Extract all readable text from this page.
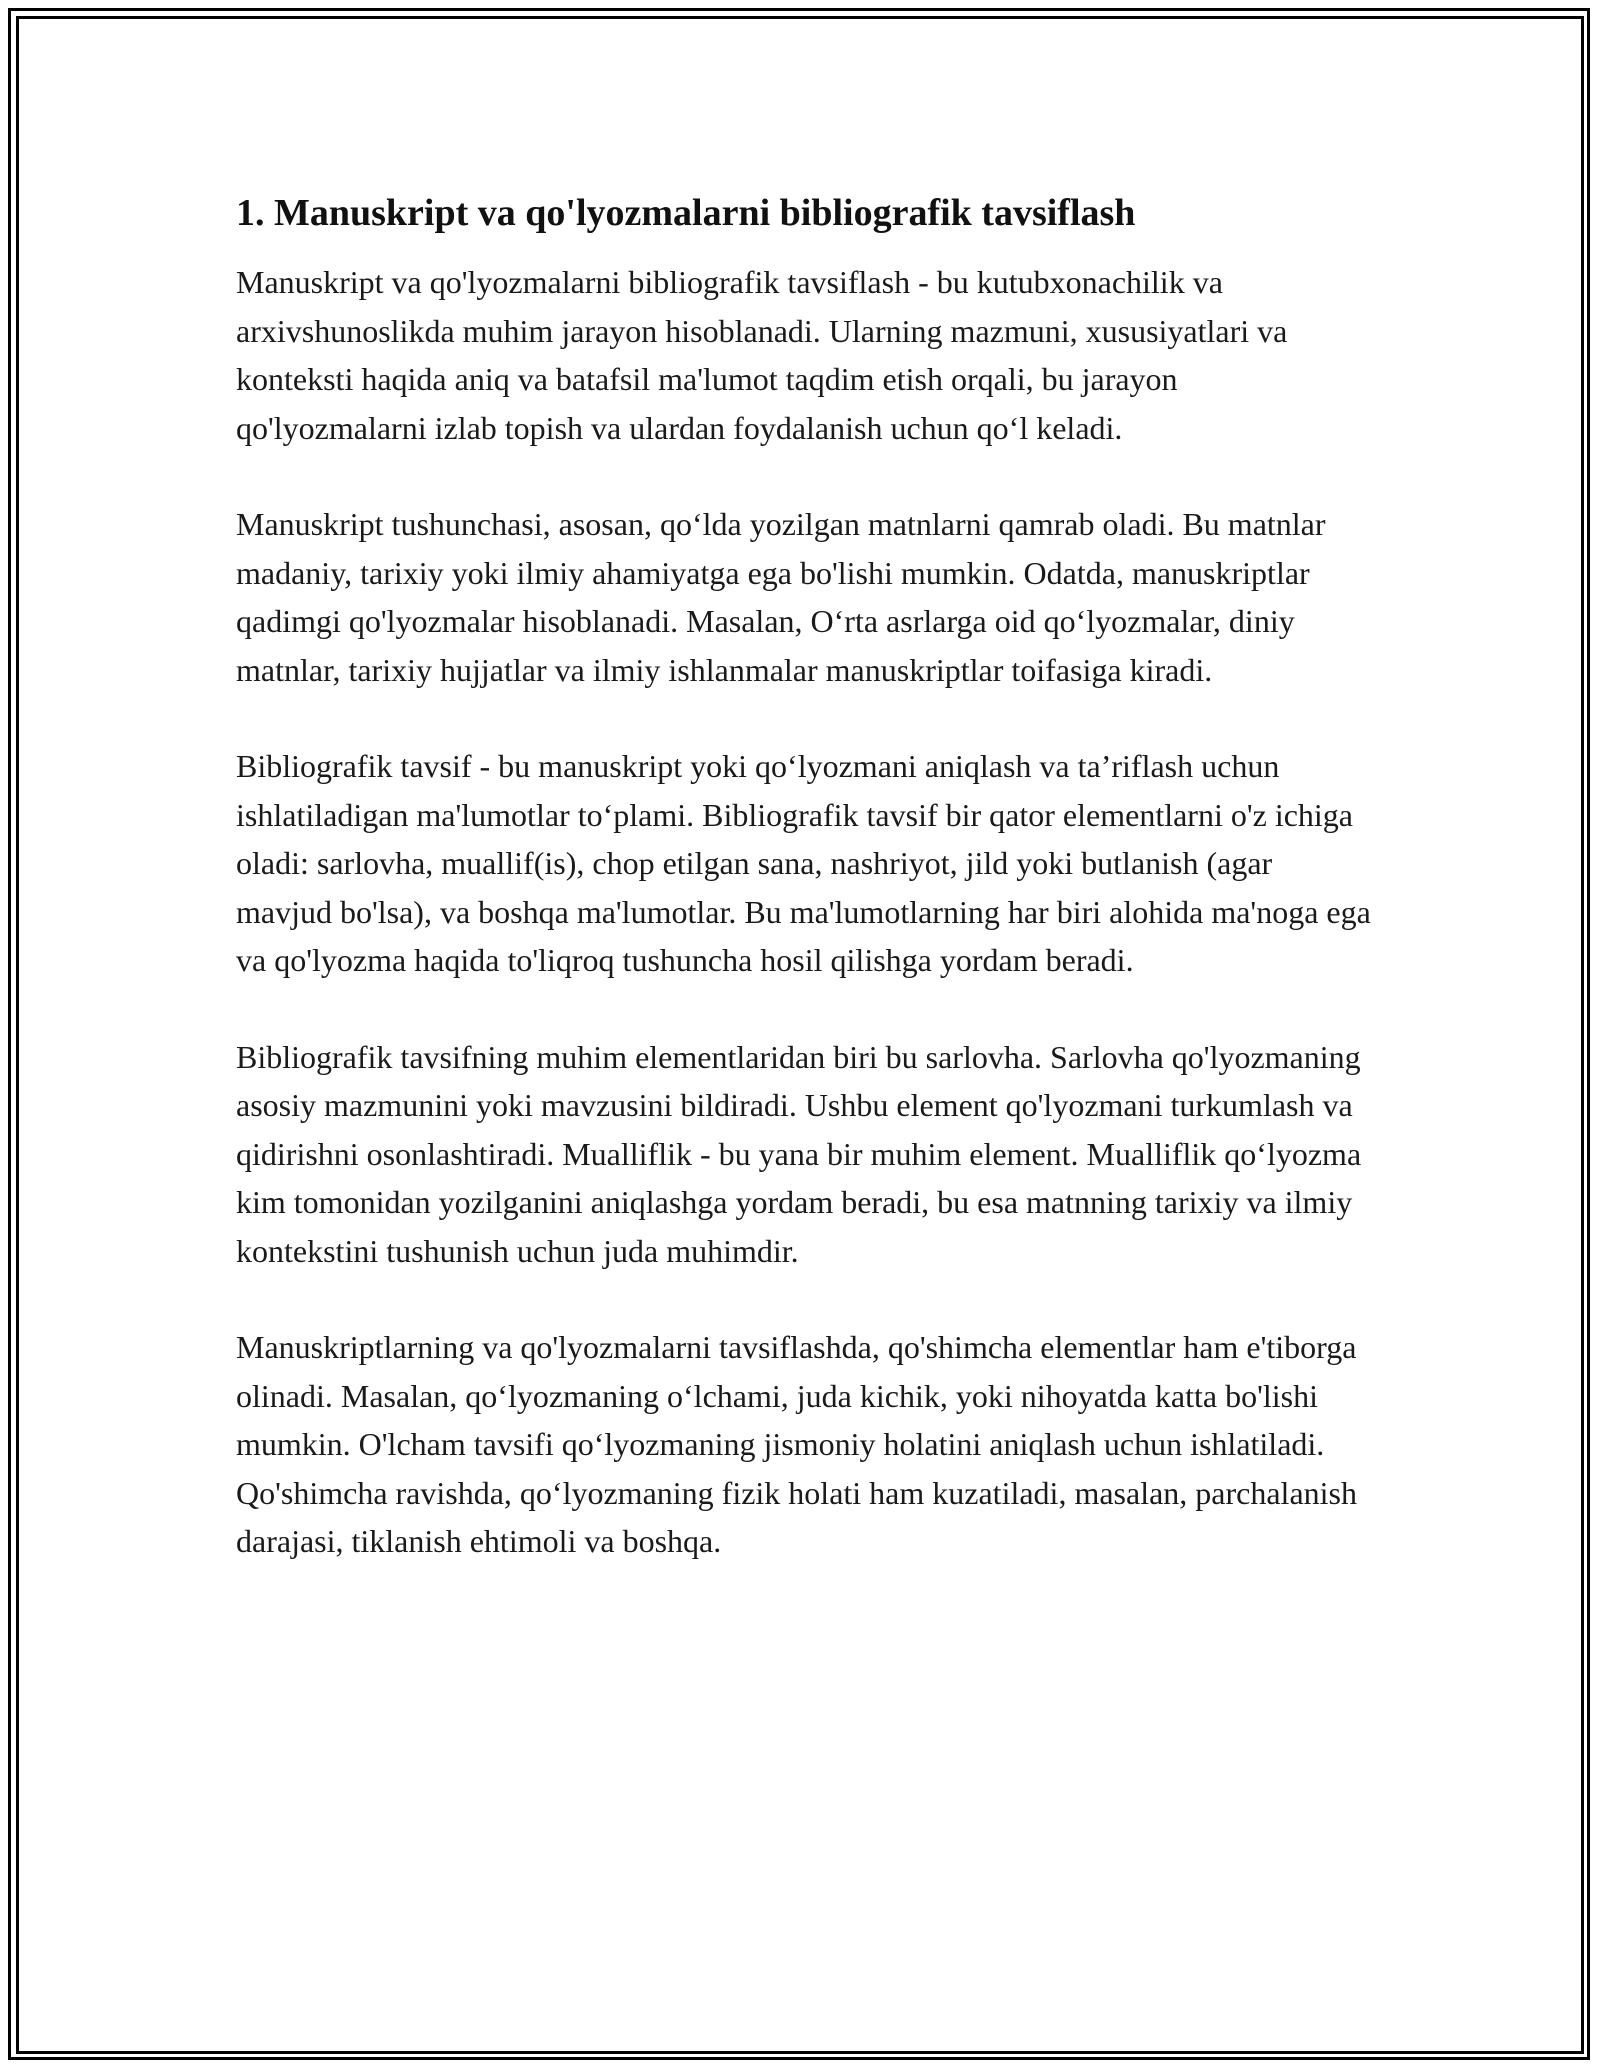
1. Manuskript va qo'lyozmalarni bibliografik tavsiflash

Manuskript va qo'lyozmalarni bibliografik tavsiflash - bu kutubxonachilik va arxivshunoslikda muhim jarayon hisoblanadi. Ularning mazmuni, xususiyatlari va konteksti haqida aniq va batafsil ma'lumot taqdim etish orqali, bu jarayon qo'lyozmalarni izlab topish va ulardan foydalanish uchun qo‘l keladi.

Manuskript tushunchasi, asosan, qo‘lda yozilgan matnlarni qamrab oladi. Bu matnlar madaniy, tarixiy yoki ilmiy ahamiyatga ega bo'lishi mumkin. Odatda, manuskriptlar qadimgi qo'lyozmalar hisoblanadi. Masalan, O‘rta asrlarga oid qo‘lyozmalar, diniy matnlar, tarixiy hujjatlar va ilmiy ishlanmalar manuskriptlar toifasiga kiradi.

Bibliografik tavsif - bu manuskript yoki qo‘lyozmani aniqlash va ta’riflash uchun ishlatiladigan ma'lumotlar to‘plami. Bibliografik tavsif bir qator elementlarni o'z ichiga oladi: sarlovha, muallif(is), chop etilgan sana, nashriyot, jild yoki butlanish (agar mavjud bo'lsa), va boshqa ma'lumotlar. Bu ma'lumotlarning har biri alohida ma'noga ega va qo'lyozma haqida to'liqroq tushuncha hosil qilishga yordam beradi.

Bibliografik tavsifning muhim elementlaridan biri bu sarlovha. Sarlovha qo'lyozmaning asosiy mazmunini yoki mavzusini bildiradi. Ushbu element qo'lyozmani turkumlash va qidirishni osonlashtiradi. Mualliflik - bu yana bir muhim element. Mualliflik qo‘lyozma kim tomonidan yozilganini aniqlashga yordam beradi, bu esa matnning tarixiy va ilmiy kontekstini tushunish uchun juda muhimdir.

Manuskriptlarning va qo'lyozmalarni tavsiflashda, qo'shimcha elementlar ham e'tiborga olinadi. Masalan, qo‘lyozmaning o‘lchami, juda kichik, yoki nihoyatda katta bo'lishi mumkin. O'lcham tavsifi qo‘lyozmaning jismoniy holatini aniqlash uchun ishlatiladi. Qo'shimcha ravishda, qo‘lyozmaning fizik holati ham kuzatiladi, masalan, parchalanish darajasi, tiklanish ehtimoli va boshqa.
